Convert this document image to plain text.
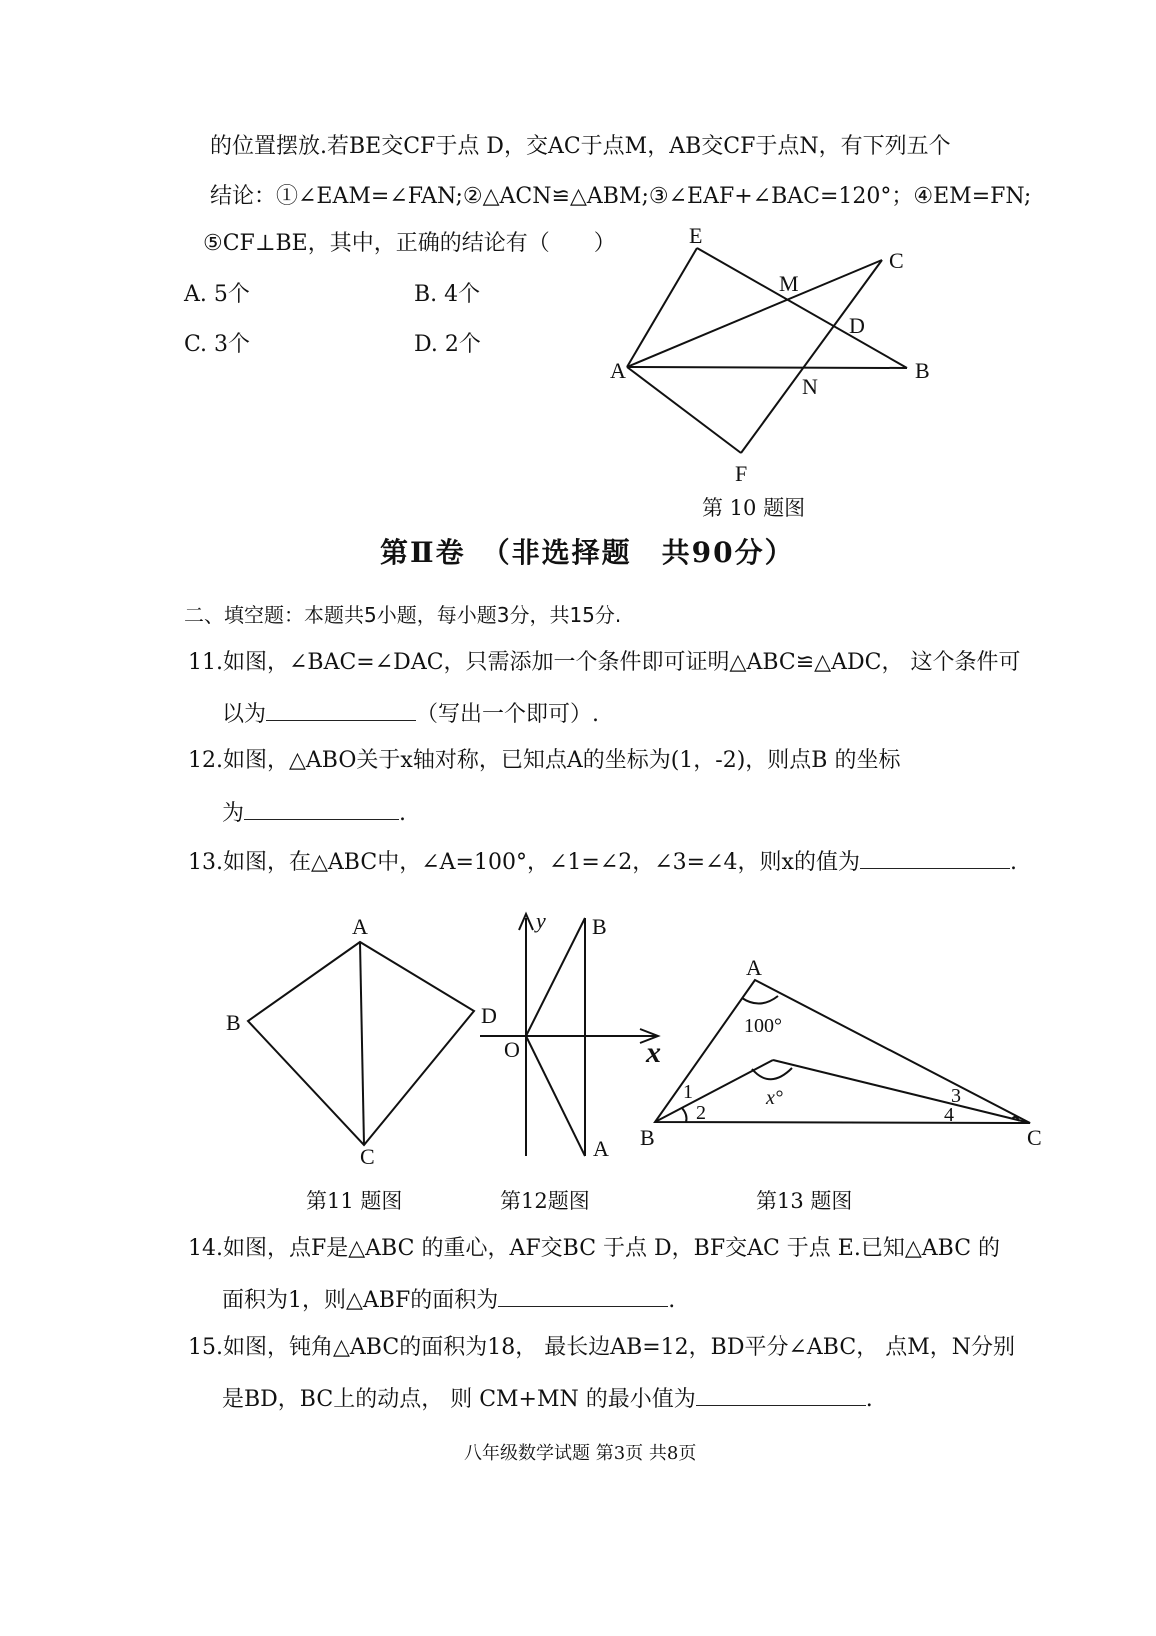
的位置摆放.若BE交CF于点 D，交AC于点M，AB交CF于点N，有下列五个
结论：①∠EAM=∠FAN;②△ACN≌△ABM;③∠EAF+∠BAC=120°；④EM=FN;
⑤CF⊥BE，其中，正确的结论有（　　）
A. 5个	B. 4个
C. 3个	D. 2个
E
C
M
D
A	B
N
F
第 10 题图
第Ⅱ卷　（非选择题　共90分）
二、填空题：本题共5小题，每小题3分，共15分.
11.如图，∠BAC=∠DAC，只需添加一个条件即可证明△ABC≌△ADC， 这个条件可
以为	（写出一个即可）.
12.如图，△ABO关于x轴对称，已知点A的坐标为(1，-2)，则点B 的坐标
为	.
13.如图，在△ABC中，∠A=100°，∠1=∠2，∠3=∠4，则x的值为	.
A
B	D
C
y B
O	x
A
A
100°
x°
1
2
3
4
B	C
第11 题图	第12题图	第13 题图
14.如图，点F是△ABC 的重心，AF交BC 于点 D，BF交AC 于点 E.已知△ABC 的
面积为1，则△ABF的面积为	.
15.如图，钝角△ABC的面积为18， 最长边AB=12，BD平分∠ABC， 点M，N分别
是BD，BC上的动点， 则 CM+MN 的最小值为	.
八年级数学试题 第3页 共8页
